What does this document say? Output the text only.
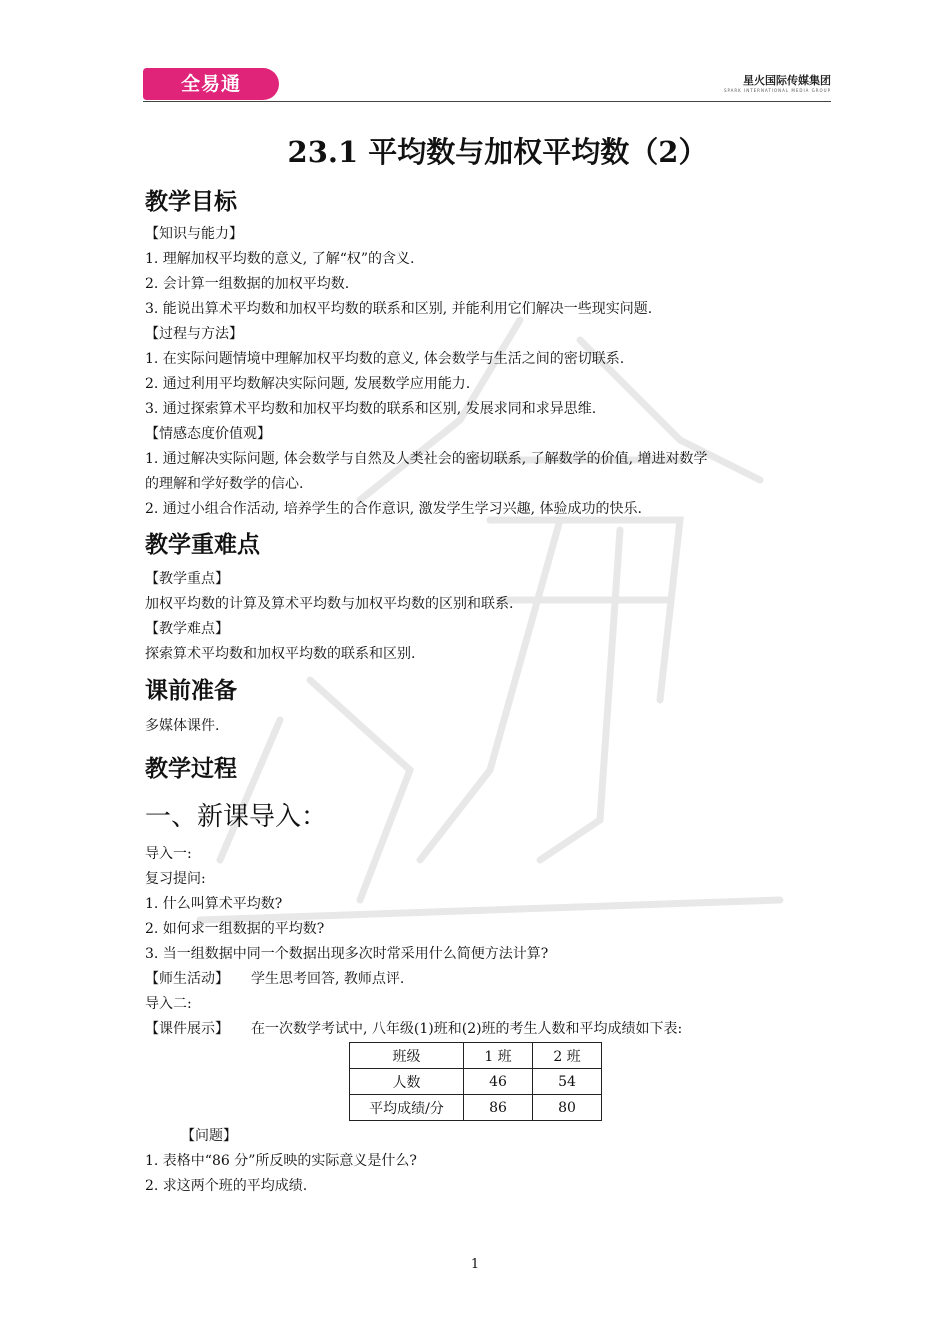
全易通	星火国际传媒集团
SPARK INTERNATIONAL MEDIA GROUP
23.1 平均数与加权平均数（2）
教学目标

【知识与能力】

1. 理解加权平均数的意义, 了解“权”的含义.

2. 会计算一组数据的加权平均数.

3. 能说出算术平均数和加权平均数的联系和区别, 并能利用它们解决一些现实问题.

【过程与方法】

1. 在实际问题情境中理解加权平均数的意义, 体会数学与生活之间的密切联系.

2. 通过利用平均数解决实际问题, 发展数学应用能力.

3. 通过探索算术平均数和加权平均数的联系和区别, 发展求同和求异思维.

【情感态度价值观】

1. 通过解决实际问题, 体会数学与自然及人类社会的密切联系, 了解数学的价值, 增进对数学

的理解和学好数学的信心.

2. 通过小组合作活动, 培养学生的合作意识, 激发学生学习兴趣, 体验成功的快乐.

教学重难点

【教学重点】

加权平均数的计算及算术平均数与加权平均数的区别和联系.

【教学难点】

探索算术平均数和加权平均数的联系和区别.

课前准备

多媒体课件.

教学过程
一、新课导入：

导入一:

复习提问:

1. 什么叫算术平均数?

2. 如何求一组数据的平均数?

3. 当一组数据中同一个数据出现多次时常采用什么简便方法计算?

【师生活动】 学生思考回答, 教师点评.

导入二:

【课件展示】 在一次数学考试中, 八年级(1)班和(2)班的考生人数和平均成绩如下表:

班级	1 班	2 班
人数	46	54
平均成绩/分	86	80

【问题】

1. 表格中“86 分”所反映的实际意义是什么?

2. 求这两个班的平均成绩.

1
